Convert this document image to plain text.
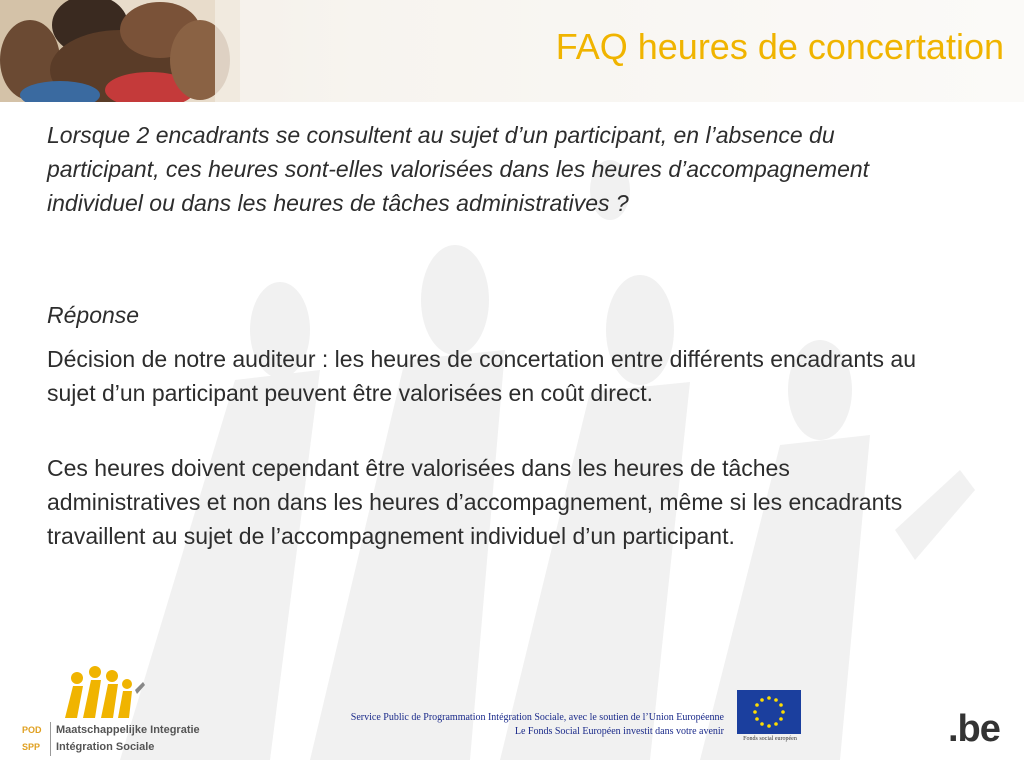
FAQ heures de concertation
Lorsque 2 encadrants se consultent au sujet d’un participant, en l’absence du participant, ces heures sont-elles valorisées dans les heures d’accompagnement individuel ou dans les heures de tâches administratives ?
Réponse
Décision de notre auditeur : les heures de concertation entre différents encadrants au sujet d’un participant peuvent être valorisées en coût direct.
Ces heures doivent cependant être valorisées dans les heures de tâches administratives et non dans les heures d’accompagnement, même si les encadrants travaillent au sujet de l’accompagnement individuel d’un participant.
POD
SPP
Maatschappelijke Integratie
Intégration Sociale
Service Public de Programmation Intégration Sociale, avec le soutien de l’Union Européenne
Le Fonds Social Européen investit dans votre avenir
Fonds social européen	.be
